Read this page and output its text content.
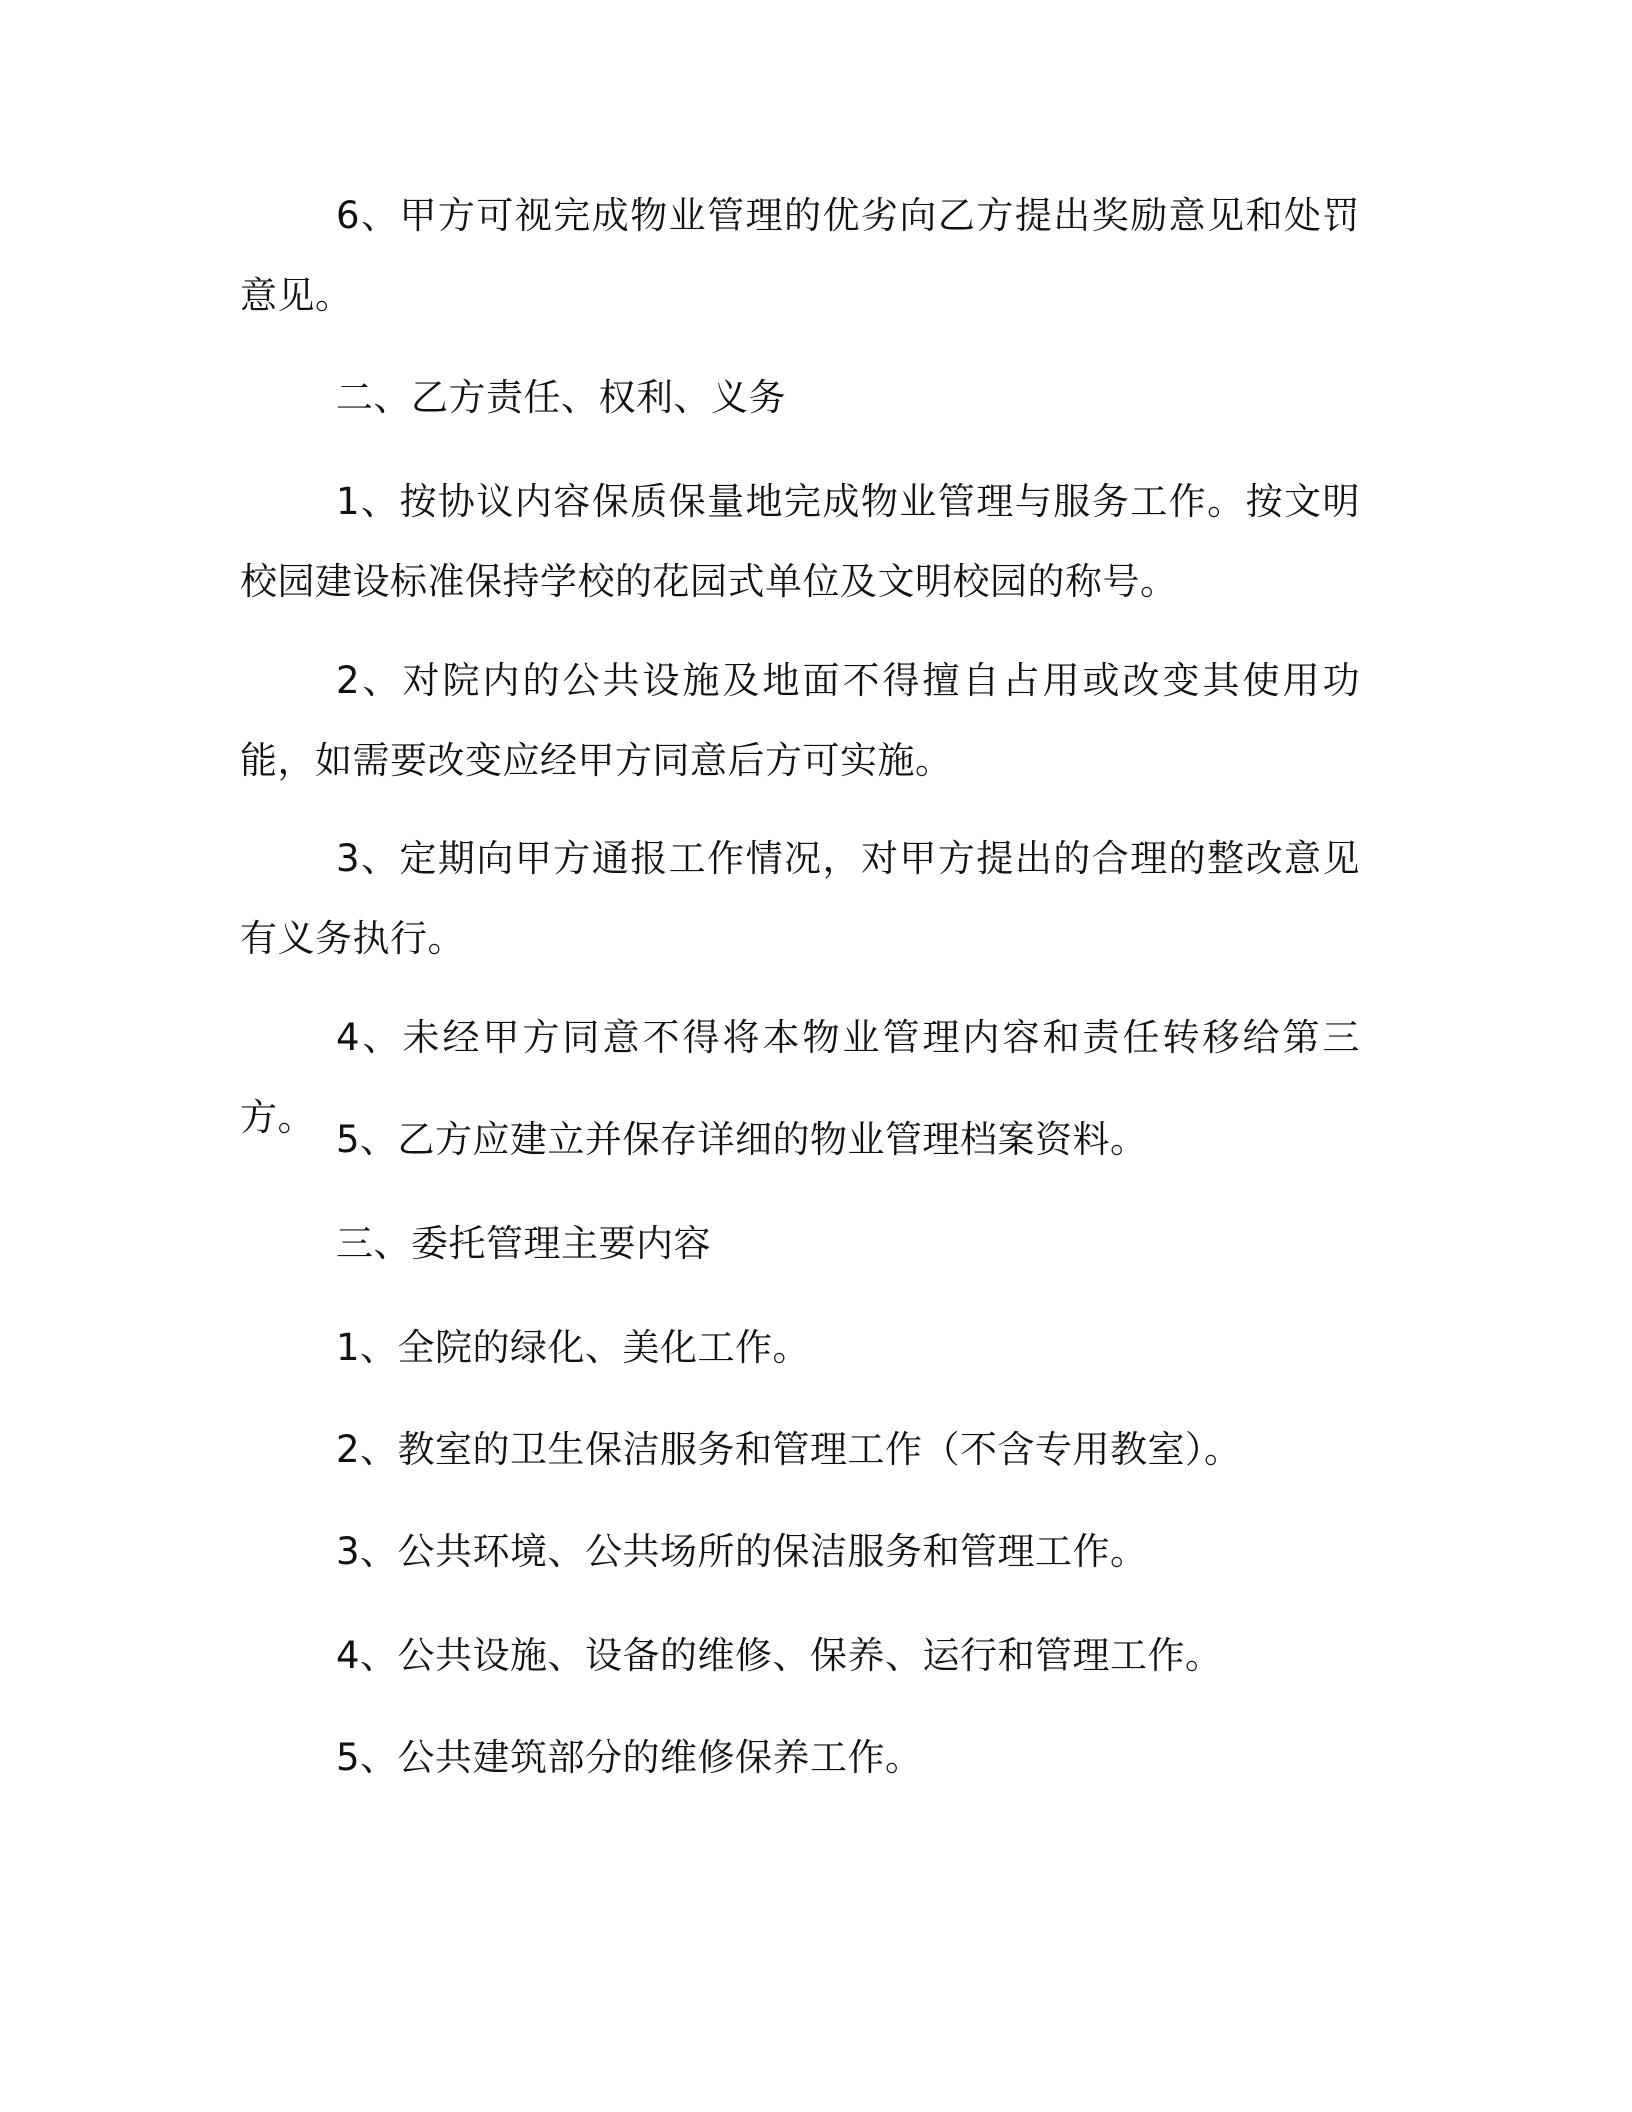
6、甲方可视完成物业管理的优劣向乙方提出奖励意见和处罚意见。

二、乙方责任、权利、义务

1、按协议内容保质保量地完成物业管理与服务工作。按文明校园建设标准保持学校的花园式单位及文明校园的称号。

2、对院内的公共设施及地面不得擅自占用或改变其使用功能，如需要改变应经甲方同意后方可实施。

3、定期向甲方通报工作情况，对甲方提出的合理的整改意见有义务执行。

4、未经甲方同意不得将本物业管理内容和责任转移给第三方。

5、乙方应建立并保存详细的物业管理档案资料。

三、委托管理主要内容

1、全院的绿化、美化工作。

2、教室的卫生保洁服务和管理工作（不含专用教室）。

3、公共环境、公共场所的保洁服务和管理工作。

4、公共设施、设备的维修、保养、运行和管理工作。

5、公共建筑部分的维修保养工作。
